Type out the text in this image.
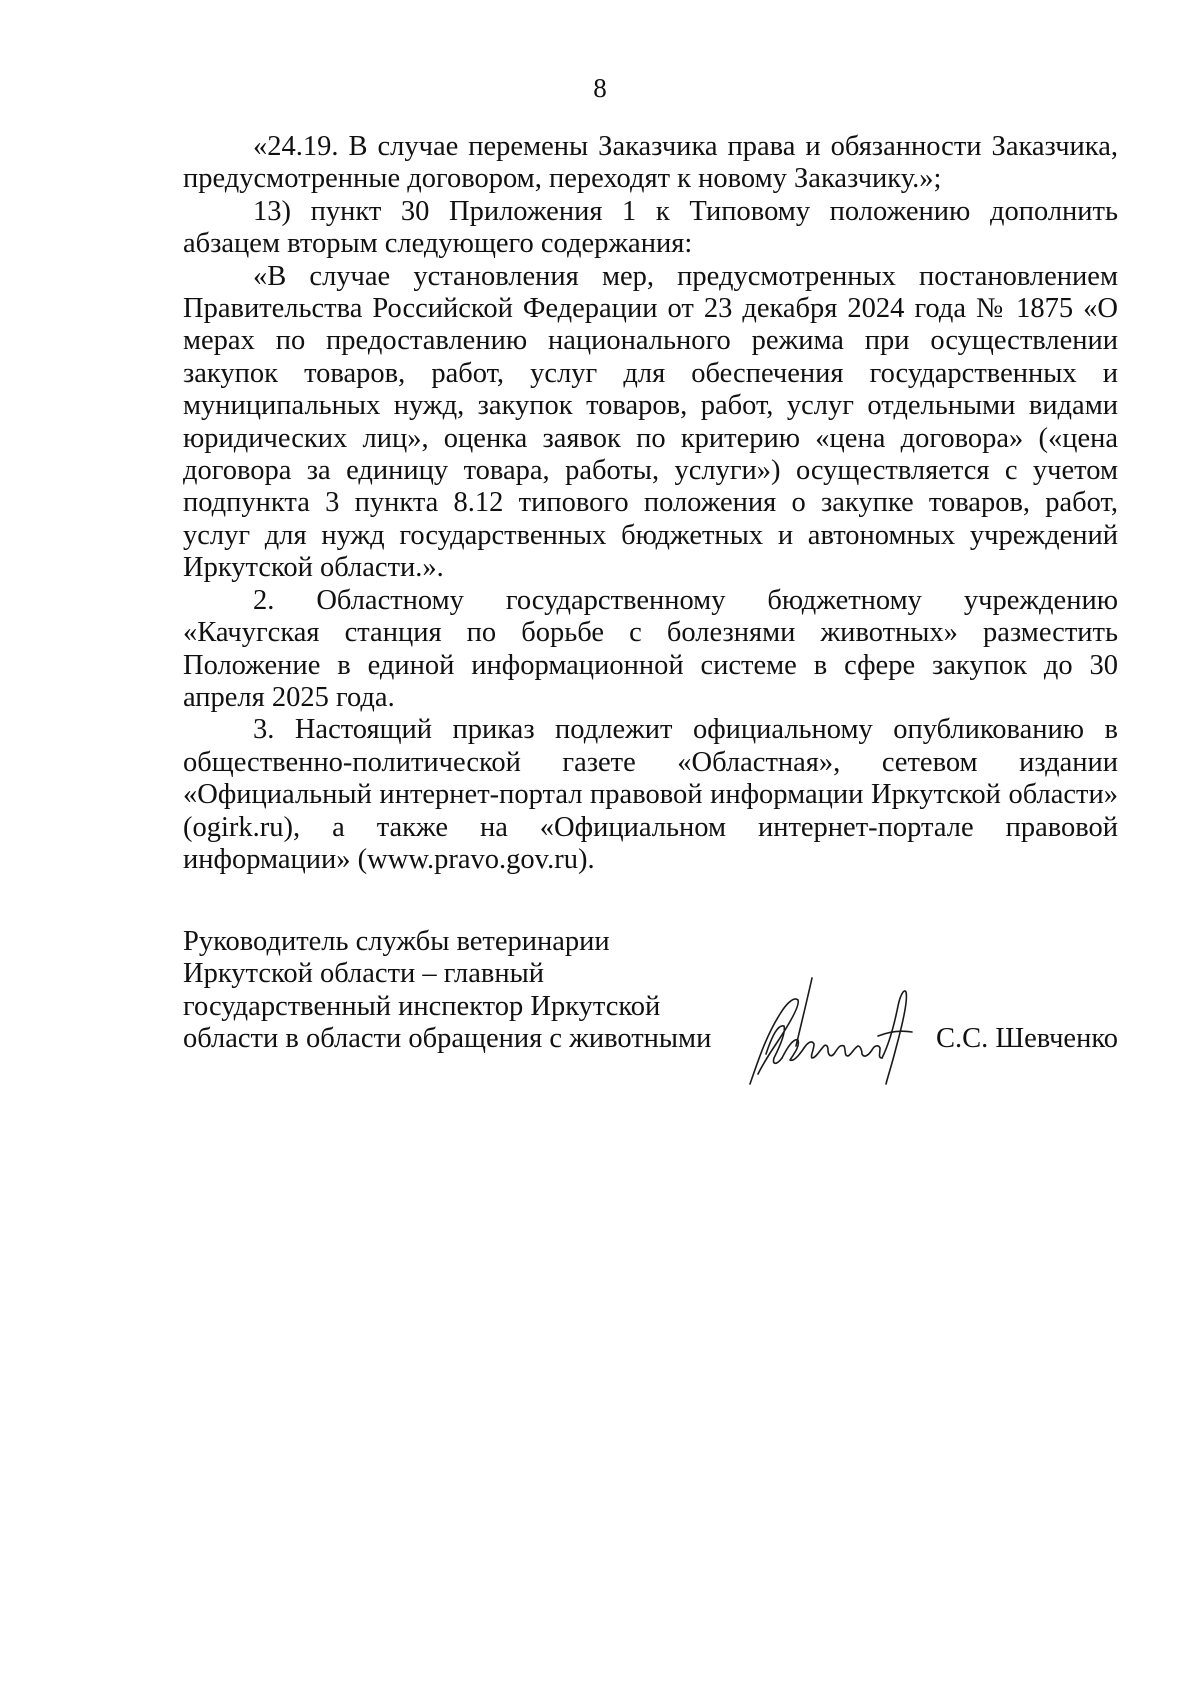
8

«24.19. В случае перемены Заказчика права и обязанности Заказчика, предусмотренные договором, переходят к новому Заказчику.»;

13) пункт 30 Приложения 1 к Типовому положению дополнить абзацем вторым следующего содержания:

«В случае установления мер, предусмотренных постановлением Правительства Российской Федерации от 23 декабря 2024 года № 1875 «О мерах по предоставлению национального режима при осуществлении закупок товаров, работ, услуг для обеспечения государственных и муниципальных нужд, закупок товаров, работ, услуг отдельными видами юридических лиц», оценка заявок по критерию «цена договора» («цена договора за единицу товара, работы, услуги») осуществляется с учетом подпункта 3 пункта 8.12 типового положения о закупке товаров, работ, услуг для нужд государственных бюджетных и автономных учреждений Иркутской области.».

2. Областному государственному бюджетному учреждению «Качугская станция по борьбе с болезнями животных» разместить Положение в единой информационной системе в сфере закупок до 30 апреля 2025 года.

3. Настоящий приказ подлежит официальному опубликованию в общественно-политической газете «Областная», сетевом издании «Официальный интернет-портал правовой информации Иркутской области» (ogirk.ru), а также на «Официальном интернет-портале правовой информации» (www.pravo.gov.ru).

Руководитель службы ветеринарии
Иркутской области – главный
государственный инспектор Иркутской
области в области обращения с животными	С.С. Шевченко
